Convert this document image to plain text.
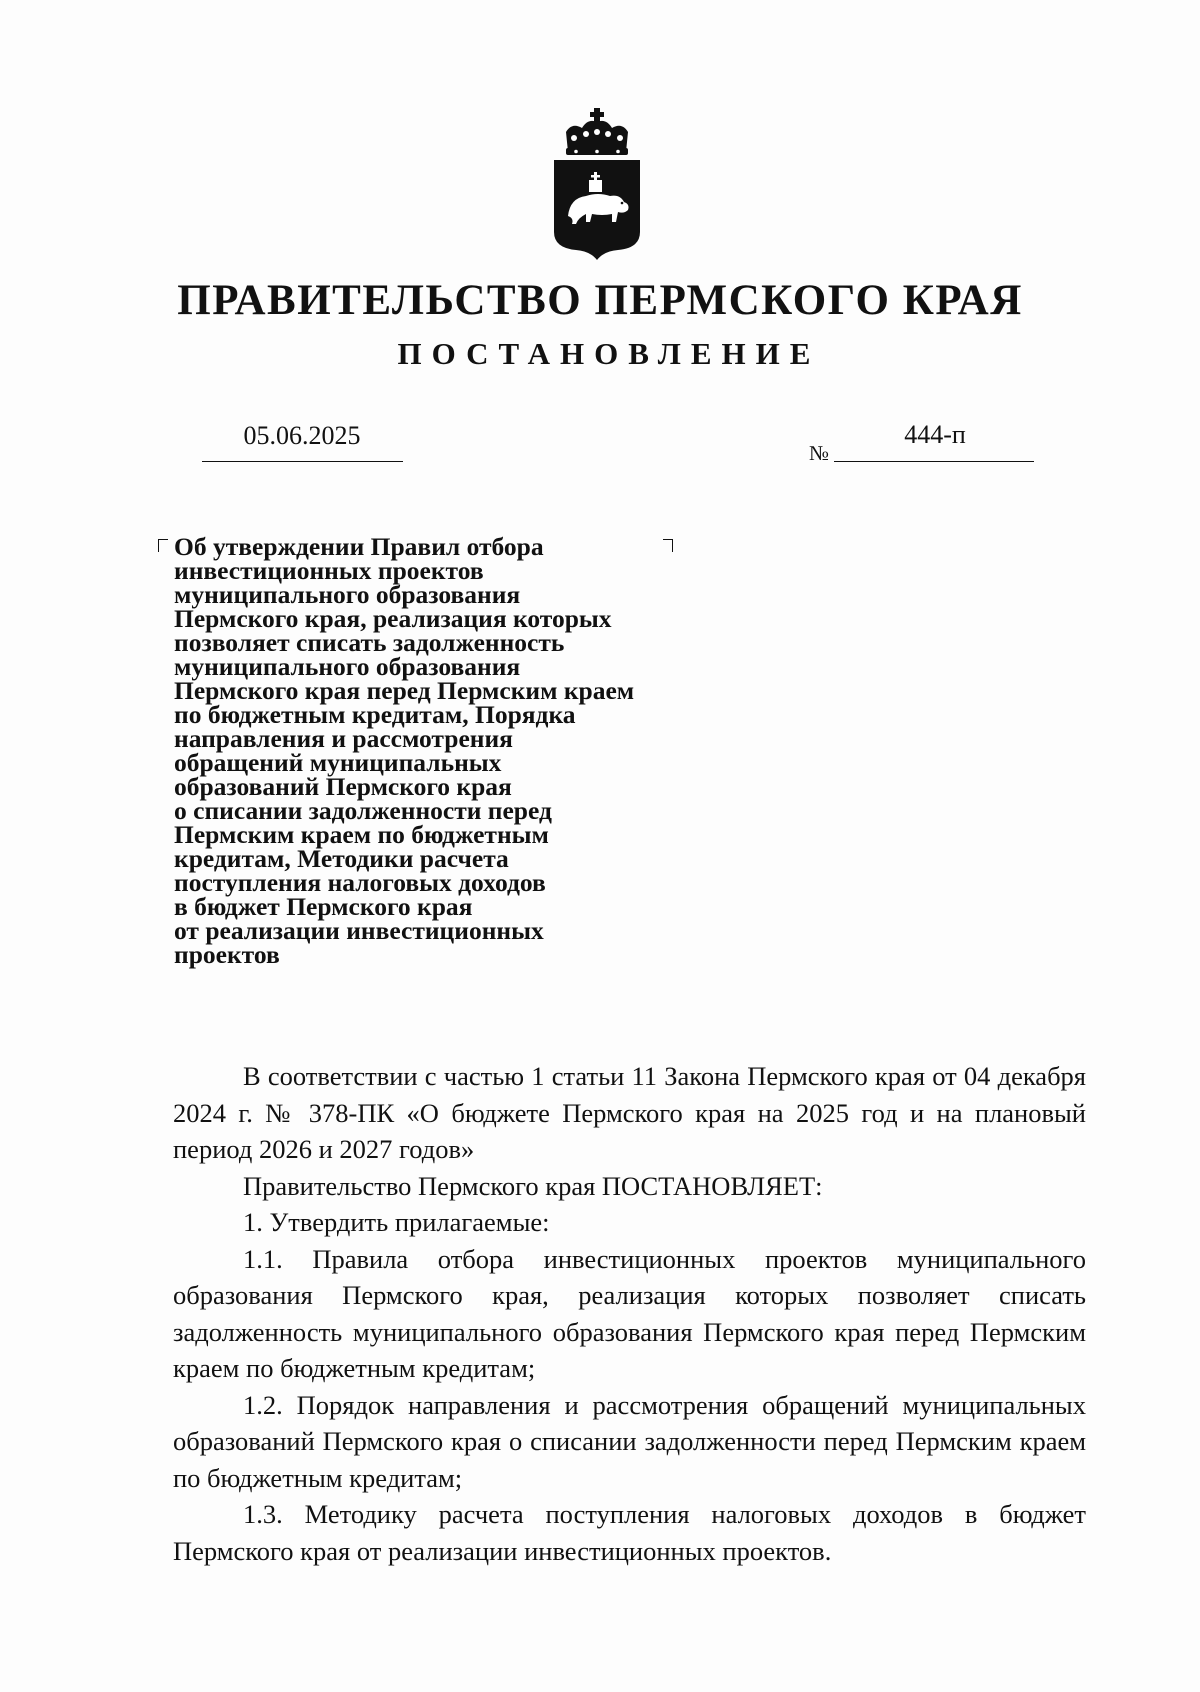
ПРАВИТЕЛЬСТВО ПЕРМСКОГО КРАЯ
ПОСТАНОВЛЕНИЕ
05.06.2025
№
444-п
Об утверждении Правил отбора
инвестиционных проектов
муниципального образования
Пермского края, реализация которых
позволяет списать задолженность
муниципального образования
Пермского края перед Пермским краем
по бюджетным кредитам, Порядка
направления и рассмотрения
обращений муниципальных
образований Пермского края
о списании задолженности перед
Пермским краем по бюджетным
кредитам, Методики расчета
поступления налоговых доходов
в бюджет Пермского края
от реализации инвестиционных
проектов

В соответствии с частью 1 статьи 11 Закона Пермского края от 04 декабря 2024 г. № 378-ПК «О бюджете Пермского края на 2025 год и на плановый период 2026 и 2027 годов»

Правительство Пермского края ПОСТАНОВЛЯЕТ:

1. Утвердить прилагаемые:

1.1. Правила отбора инвестиционных проектов муниципального образования Пермского края, реализация которых позволяет списать задолженность муниципального образования Пермского края перед Пермским краем по бюджетным кредитам;

1.2. Порядок направления и рассмотрения обращений муниципальных образований Пермского края о списании задолженности перед Пермским краем по бюджетным кредитам;

1.3. Методику расчета поступления налоговых доходов в бюджет Пермского края от реализации инвестиционных проектов.
